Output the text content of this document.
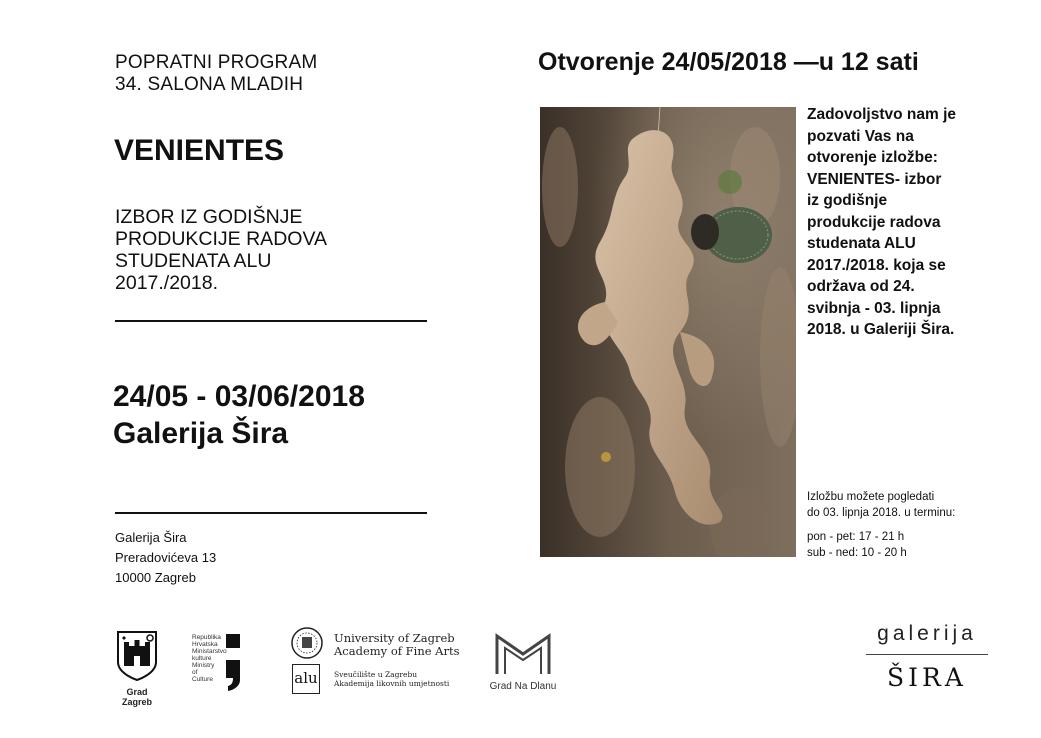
POPRATNI PROGRAM
34. SALONA MLADIH
VENIENTES
IZBOR IZ GODIŠNJE
PRODUKCIJE RADOVA
STUDENATA ALU
2017./2018.
24/05 - 03/06/2018
Galerija Šira
Galerija Šira
Preradovićeva 13
10000 Zagreb
Otvorenje 24/05/2018 —u 12 sati
Zadovoljstvo nam je
pozvati Vas na
otvorenje izložbe:
VENIENTES- izbor
iz godišnje
produkcije radova
studenata ALU
2017./2018. koja se
održava od 24.
svibnja - 03. lipnja
2018. u Galeriji Šira.
Izložbu možete pogledati
do 03. lipnja 2018. u terminu:
pon - pet: 17 - 21 h
sub - ned: 10 - 20 h
Grad Zagreb
Republika
Hrvatska
Ministarstvo
kulture
Ministry of
Culture	alu
University of Zagreb
Academy of Fine Arts
Sveučilište u Zagrebu
Akademija likovnih umjetnosti	Grad Na Dlanu
galerija
ŠIRA
